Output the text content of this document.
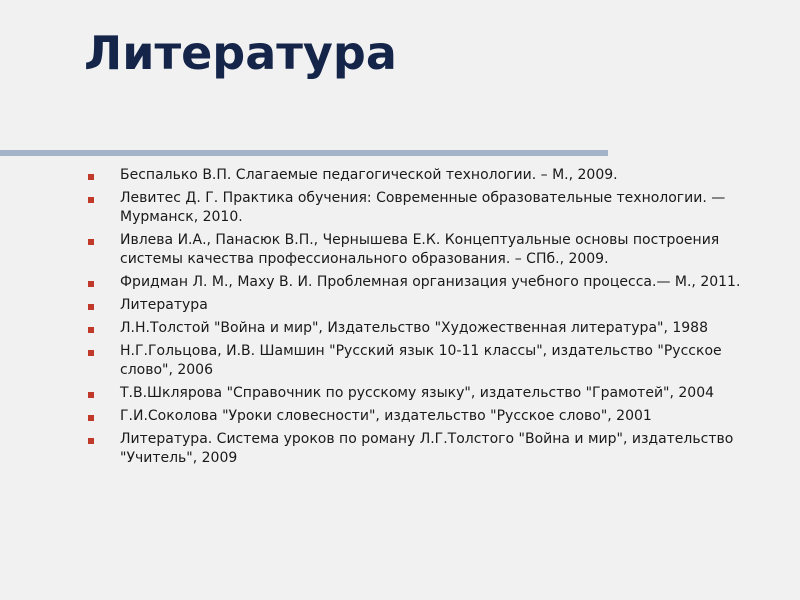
Литература
Беспалько В.П. Слагаемые педагогической технологии. – М., 2009.
Левитес Д. Г. Практика обучения: Современные образовательные технологии. — Мурманск, 2010.
Ивлева И.А., Панасюк В.П., Чернышева Е.К. Концептуальные основы построения системы качества профессионального образования. – СПб., 2009.
Фридман Л. М., Маху В. И. Проблемная организация учебного процесса.— М., 2011.
Литература
Л.Н.Толстой "Война и мир", Издательство "Художественная литература", 1988
Н.Г.Гольцова, И.В. Шамшин "Русский язык 10-11 классы", издательство "Русское слово", 2006
Т.В.Шклярова "Справочник по русскому языку", издательство "Грамотей", 2004
Г.И.Соколова "Уроки словесности", издательство "Русское слово", 2001
Литература. Система уроков по роману Л.Г.Толстого "Война и мир", издательство "Учитель", 2009
